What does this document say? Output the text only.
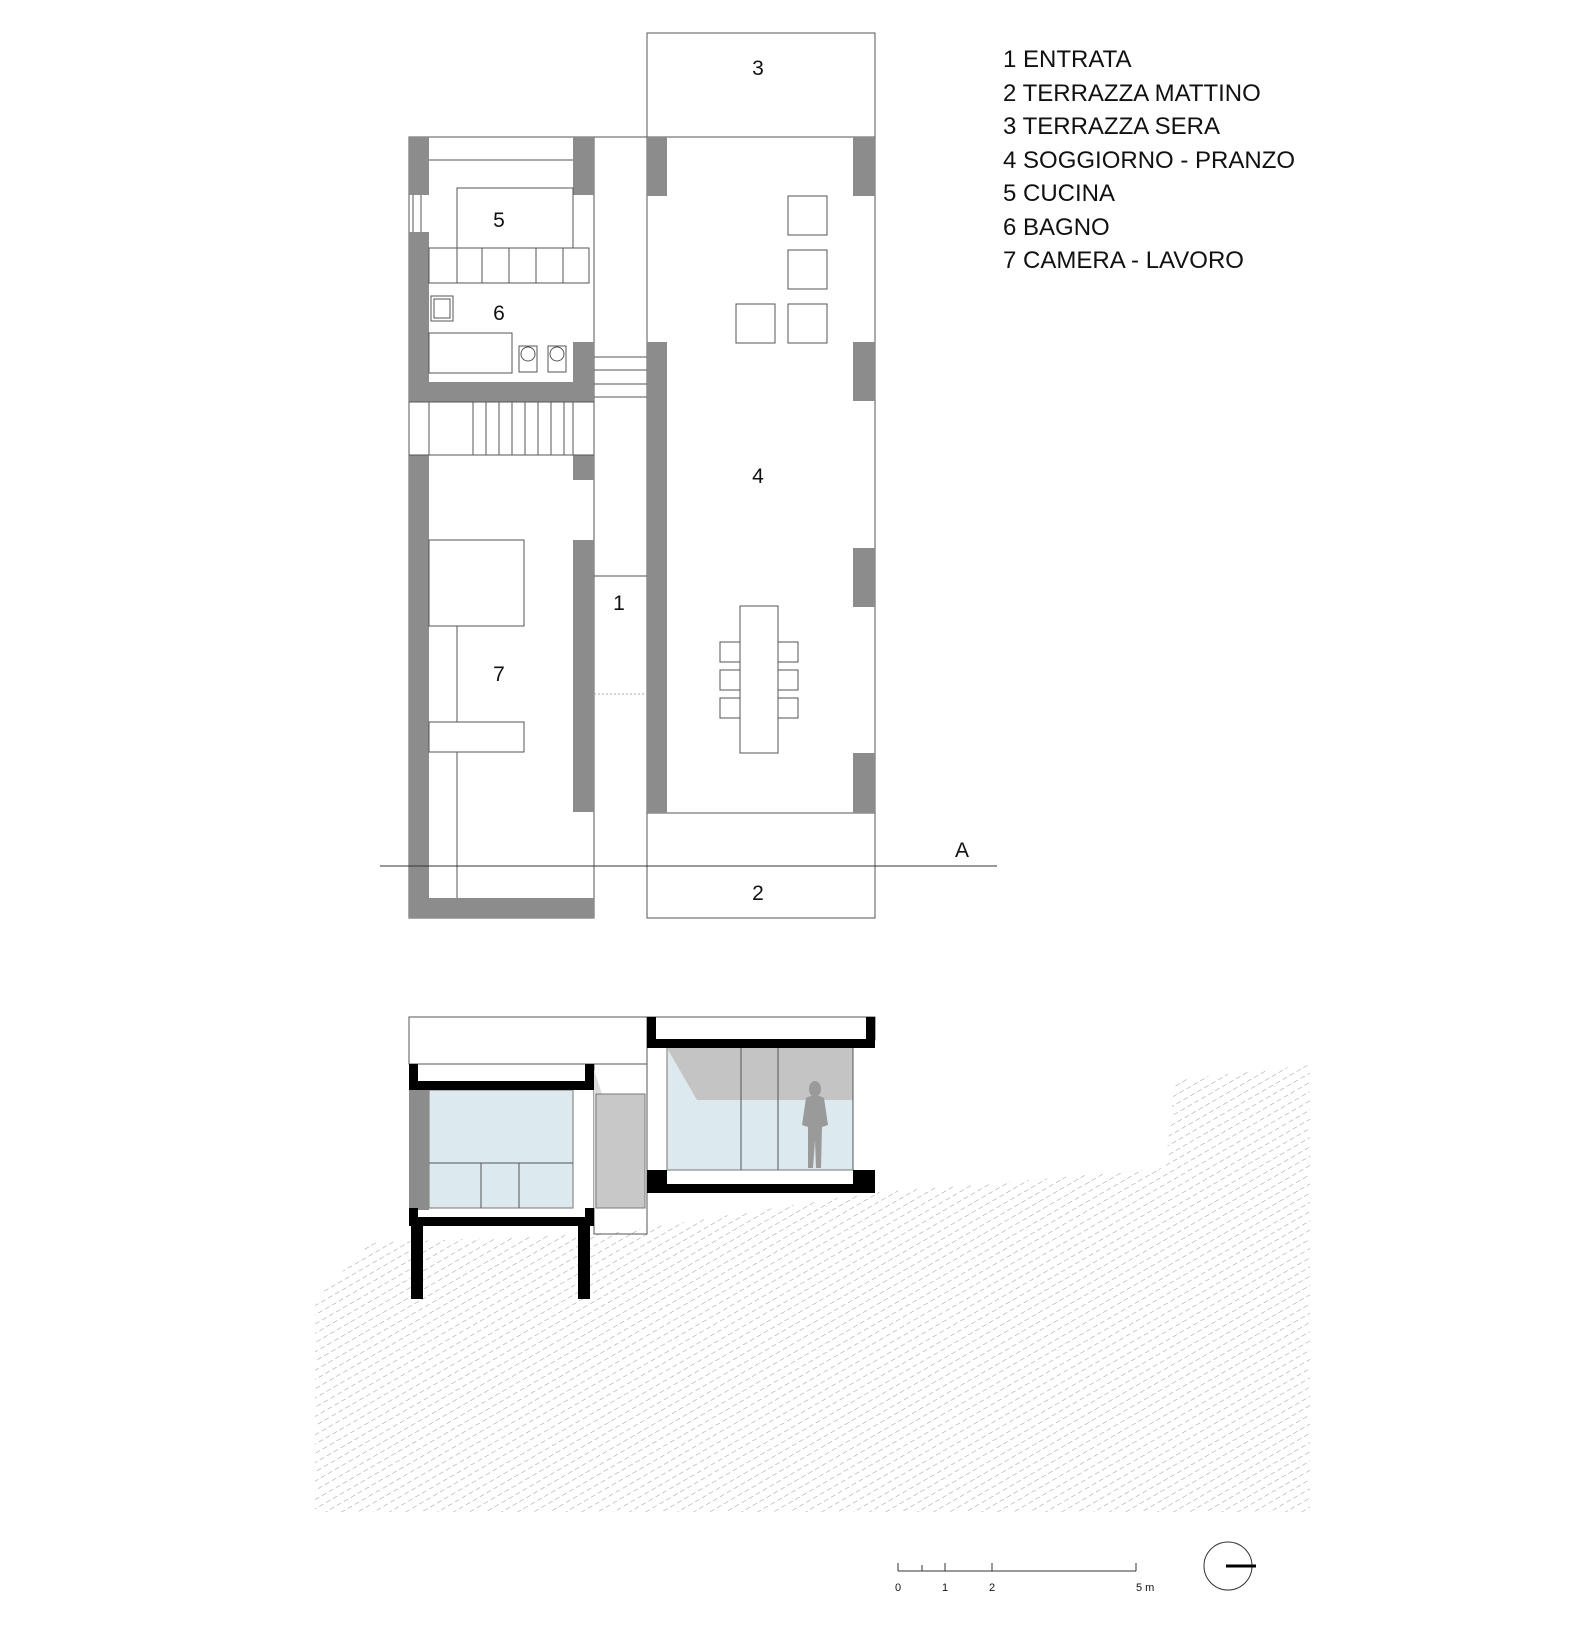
A
3
5
6
4
1
7
2
1 ENTRATA
2 TERRAZZA MATTINO
3 TERRAZZA SERA
4 SOGGIORNO - PRANZO
5 CUCINA
6 BAGNO
7 CAMERA - LAVORO
0	1	2	5 m
